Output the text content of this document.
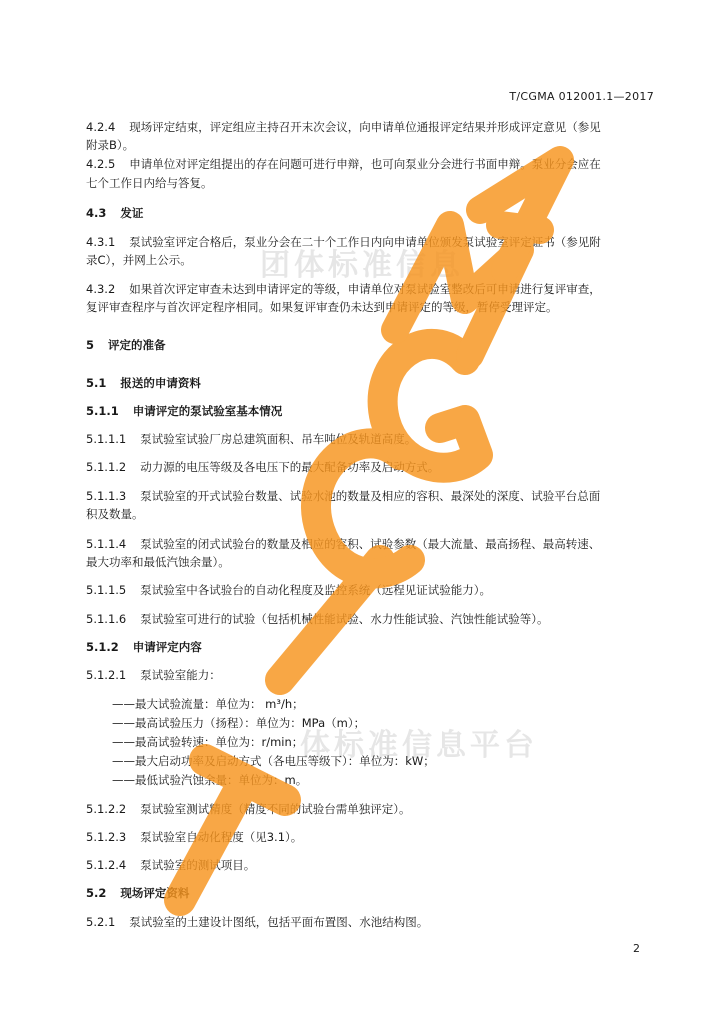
团体标准信息
体标准信息平台
T/CGMA 012001.1—2017
4.2.4 现场评定结束，评定组应主持召开末次会议，向申请单位通报评定结果并形成评定意见（参见
附录B）。
4.2.5 申请单位对评定组提出的存在问题可进行申辩，也可向泵业分会进行书面申辩。泵业分会应在
七个工作日内给与答复。
4.3 发证
4.3.1 泵试验室评定合格后，泵业分会在二十个工作日内向申请单位颁发泵试验室评定证书（参见附
录C），并网上公示。
4.3.2 如果首次评定审查未达到申请评定的等级，申请单位对泵试验室整改后可申请进行复评审查，
复评审查程序与首次评定程序相同。如果复评审查仍未达到申请评定的等级，暂停受理评定。
5 评定的准备
5.1 报送的申请资料
5.1.1 申请评定的泵试验室基本情况
5.1.1.1 泵试验室试验厂房总建筑面积、吊车吨位及轨道高度。
5.1.1.2 动力源的电压等级及各电压下的最大配备功率及启动方式。
5.1.1.3 泵试验室的开式试验台数量、试验水池的数量及相应的容积、最深处的深度、试验平台总面
积及数量。
5.1.1.4 泵试验室的闭式试验台的数量及相应的容积、试验参数（最大流量、最高扬程、最高转速、
最大功率和最低汽蚀余量）。
5.1.1.5 泵试验室中各试验台的自动化程度及监控系统（远程见证试验能力）。
5.1.1.6 泵试验室可进行的试验（包括机械性能试验、水力性能试验、汽蚀性能试验等）。
5.1.2 申请评定内容
5.1.2.1 泵试验室能力：
——最大试验流量：单位为： m³/h；
——最高试验压力（扬程）：单位为：MPa（m）；
——最高试验转速：单位为：r/min；
——最大启动功率及启动方式（各电压等级下）：单位为：kW；
——最低试验汽蚀余量：单位为：m。
5.1.2.2 泵试验室测试精度（精度不同的试验台需单独评定）。
5.1.2.3 泵试验室自动化程度（见3.1）。
5.1.2.4 泵试验室的测试项目。
5.2 现场评定资料
5.2.1 泵试验室的土建设计图纸，包括平面布置图、水池结构图。
2
